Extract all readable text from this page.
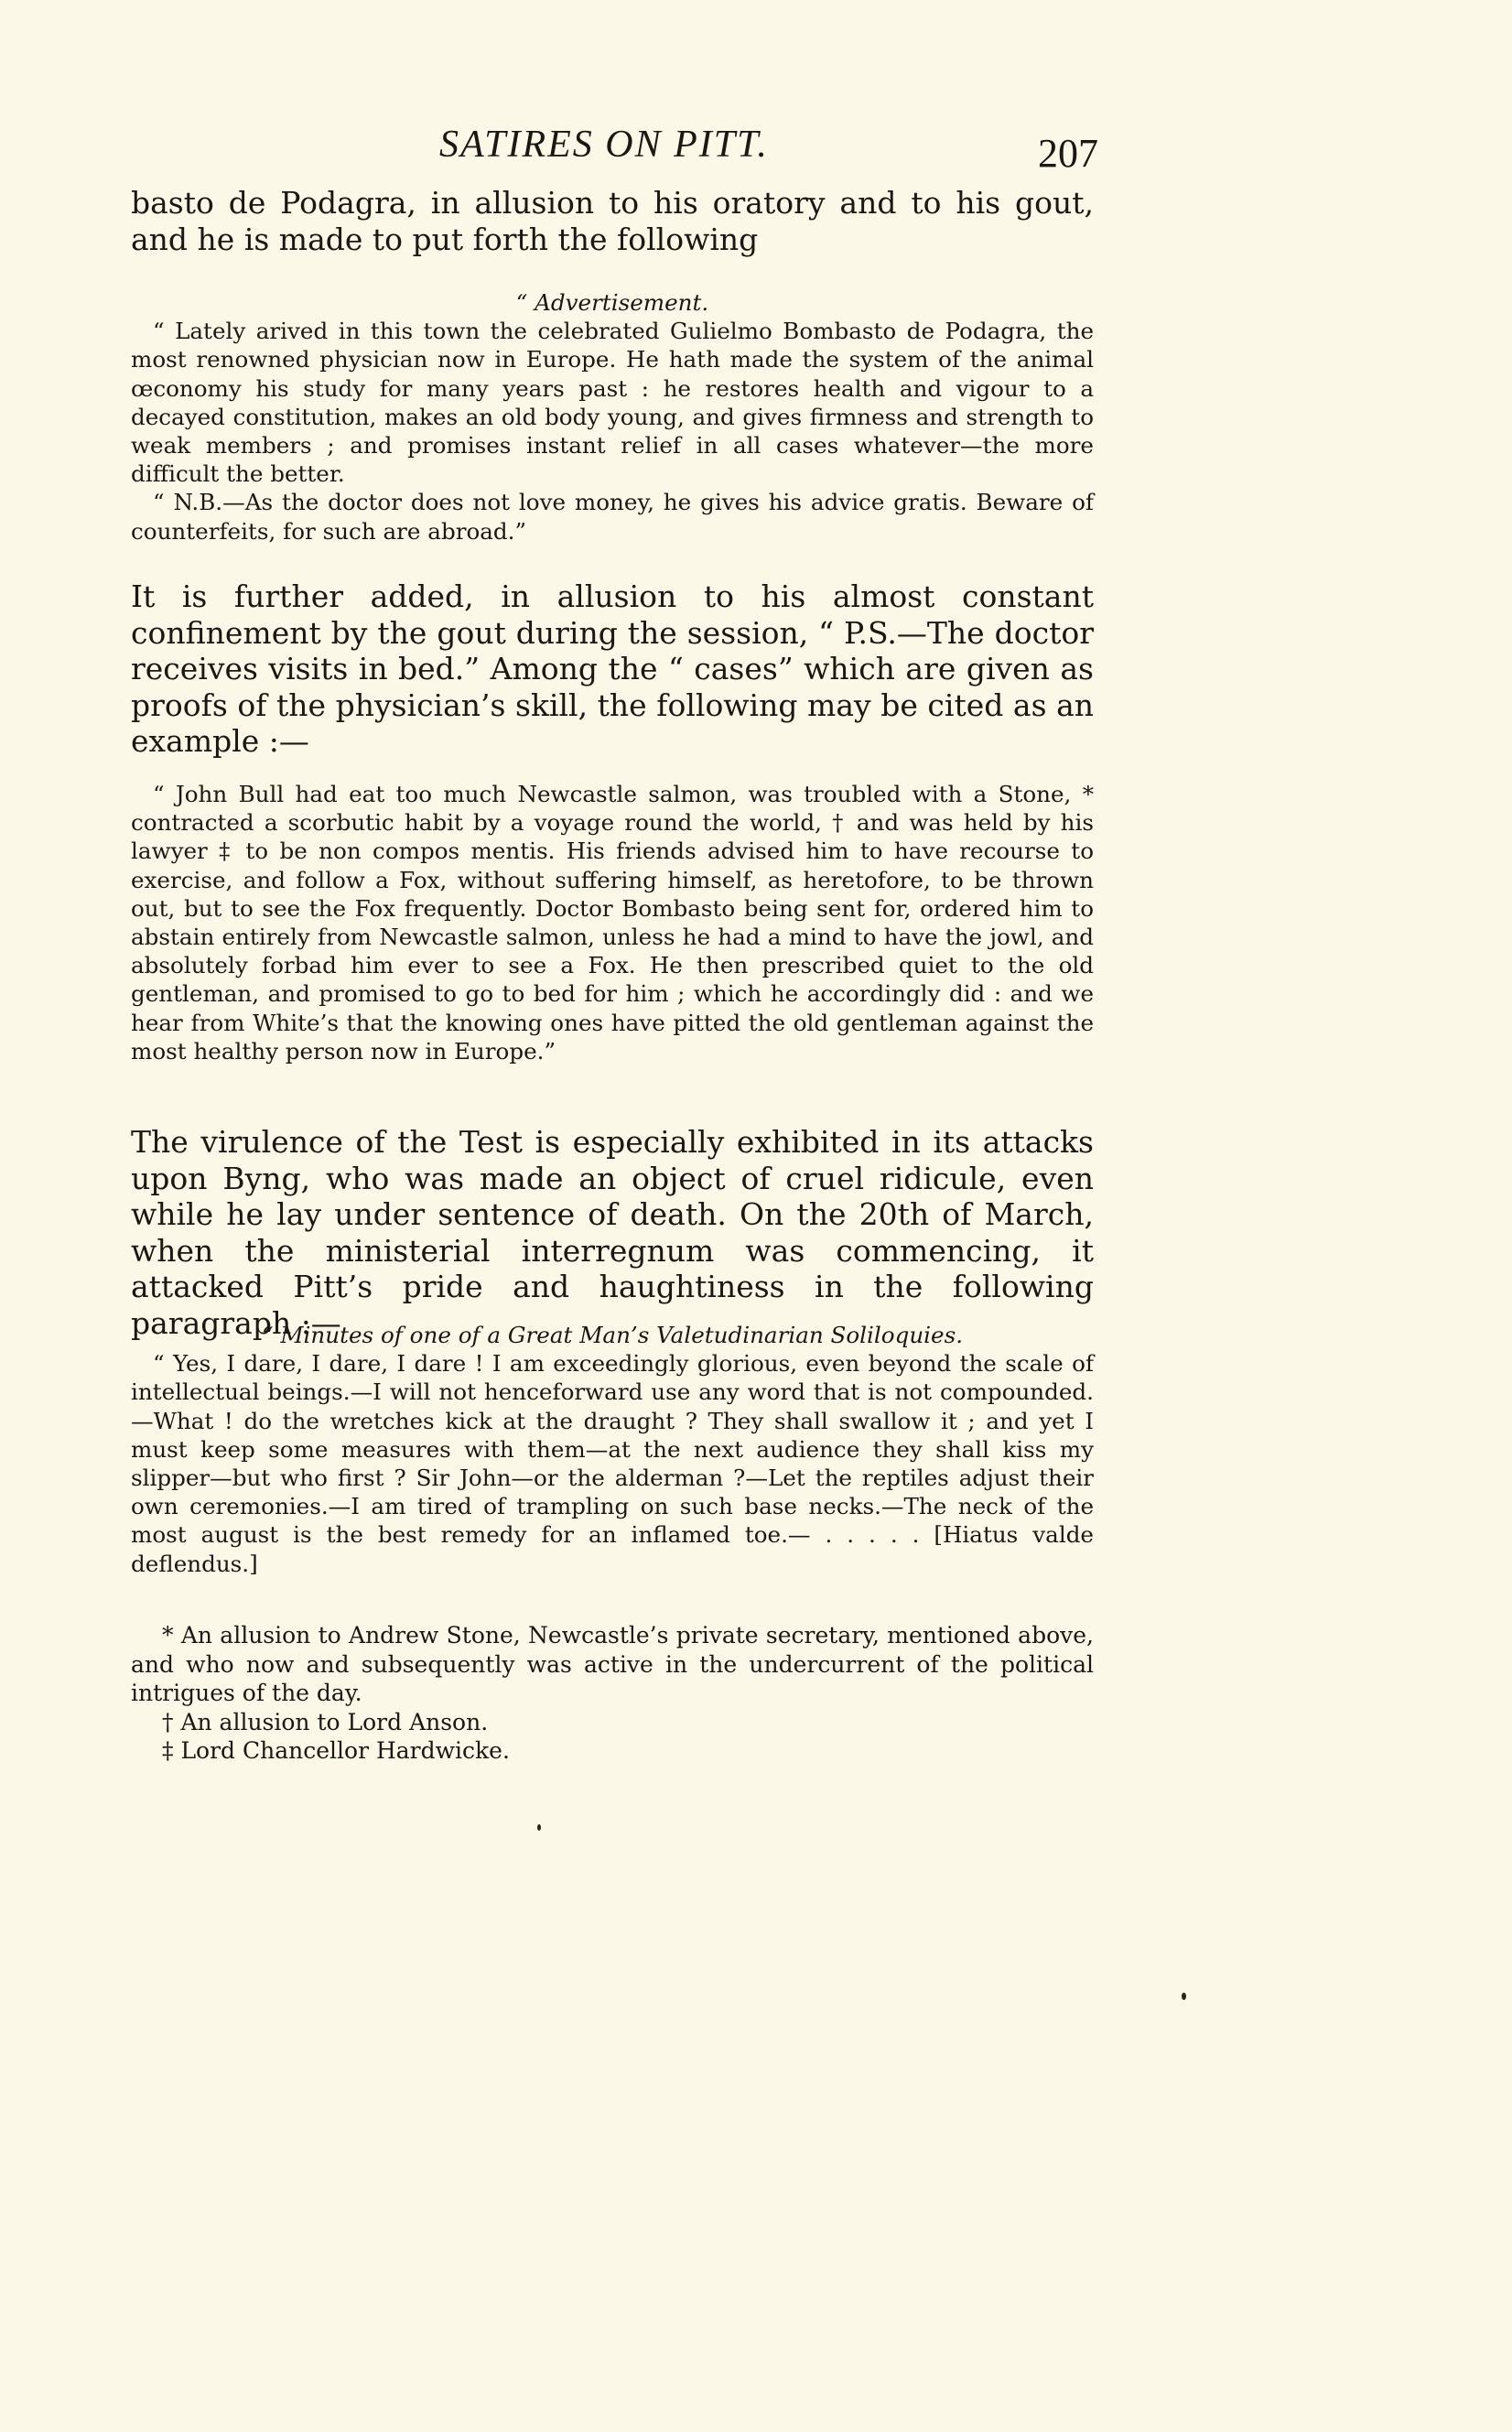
SATIRES ON PITT.	207

basto de Podagra, in allusion to his oratory and to his gout, and he is made to put forth the following

“ Advertisement.

“ Lately arived in this town the celebrated Gulielmo Bombasto de Podagra, the most renowned physician now in Europe. He hath made the system of the animal œconomy his study for many years past : he restores health and vigour to a decayed constitution, makes an old body young, and gives firmness and strength to weak members ; and promises instant relief in all cases whatever—the more difficult the better.

“ N.B.—As the doctor does not love money, he gives his advice gratis. Beware of counterfeits, for such are abroad.”

It is further added, in allusion to his almost constant confinement by the gout during the session, “ P.S.—The doctor receives visits in bed.” Among the “ cases” which are given as proofs of the physician’s skill, the following may be cited as an example :—

“ John Bull had eat too much Newcastle salmon, was troubled with a Stone, * contracted a scorbutic habit by a voyage round the world, † and was held by his lawyer ‡ to be non compos mentis. His friends advised him to have recourse to exercise, and follow a Fox, without suffering himself, as heretofore, to be thrown out, but to see the Fox frequently. Doctor Bombasto being sent for, ordered him to abstain entirely from Newcastle salmon, unless he had a mind to have the jowl, and absolutely forbad him ever to see a Fox. He then prescribed quiet to the old gentleman, and promised to go to bed for him ; which he accordingly did : and we hear from White’s that the knowing ones have pitted the old gentleman against the most healthy person now in Europe.”

The virulence of the Test is especially exhibited in its attacks upon Byng, who was made an object of cruel ridicule, even while he lay under sentence of death. On the 20th of March, when the ministerial interregnum was commencing, it attacked Pitt’s pride and haughtiness in the following paragraph :—

“ Minutes of one of a Great Man’s Valetudinarian Soliloquies.

“ Yes, I dare, I dare, I dare ! I am exceedingly glorious, even beyond the scale of intellectual beings.—I will not henceforward use any word that is not compounded.—What ! do the wretches kick at the draught ? They shall swallow it ; and yet I must keep some measures with them—at the next audience they shall kiss my slipper—but who first ? Sir John—or the alderman ?—Let the reptiles adjust their own ceremonies.—I am tired of trampling on such base necks.—The neck of the most august is the best remedy for an inflamed toe.— . . . . . [Hiatus valde deflendus.]

* An allusion to Andrew Stone, Newcastle’s private secretary, mentioned above, and who now and subsequently was active in the undercurrent of the political intrigues of the day.

† An allusion to Lord Anson.

‡ Lord Chancellor Hardwicke.
